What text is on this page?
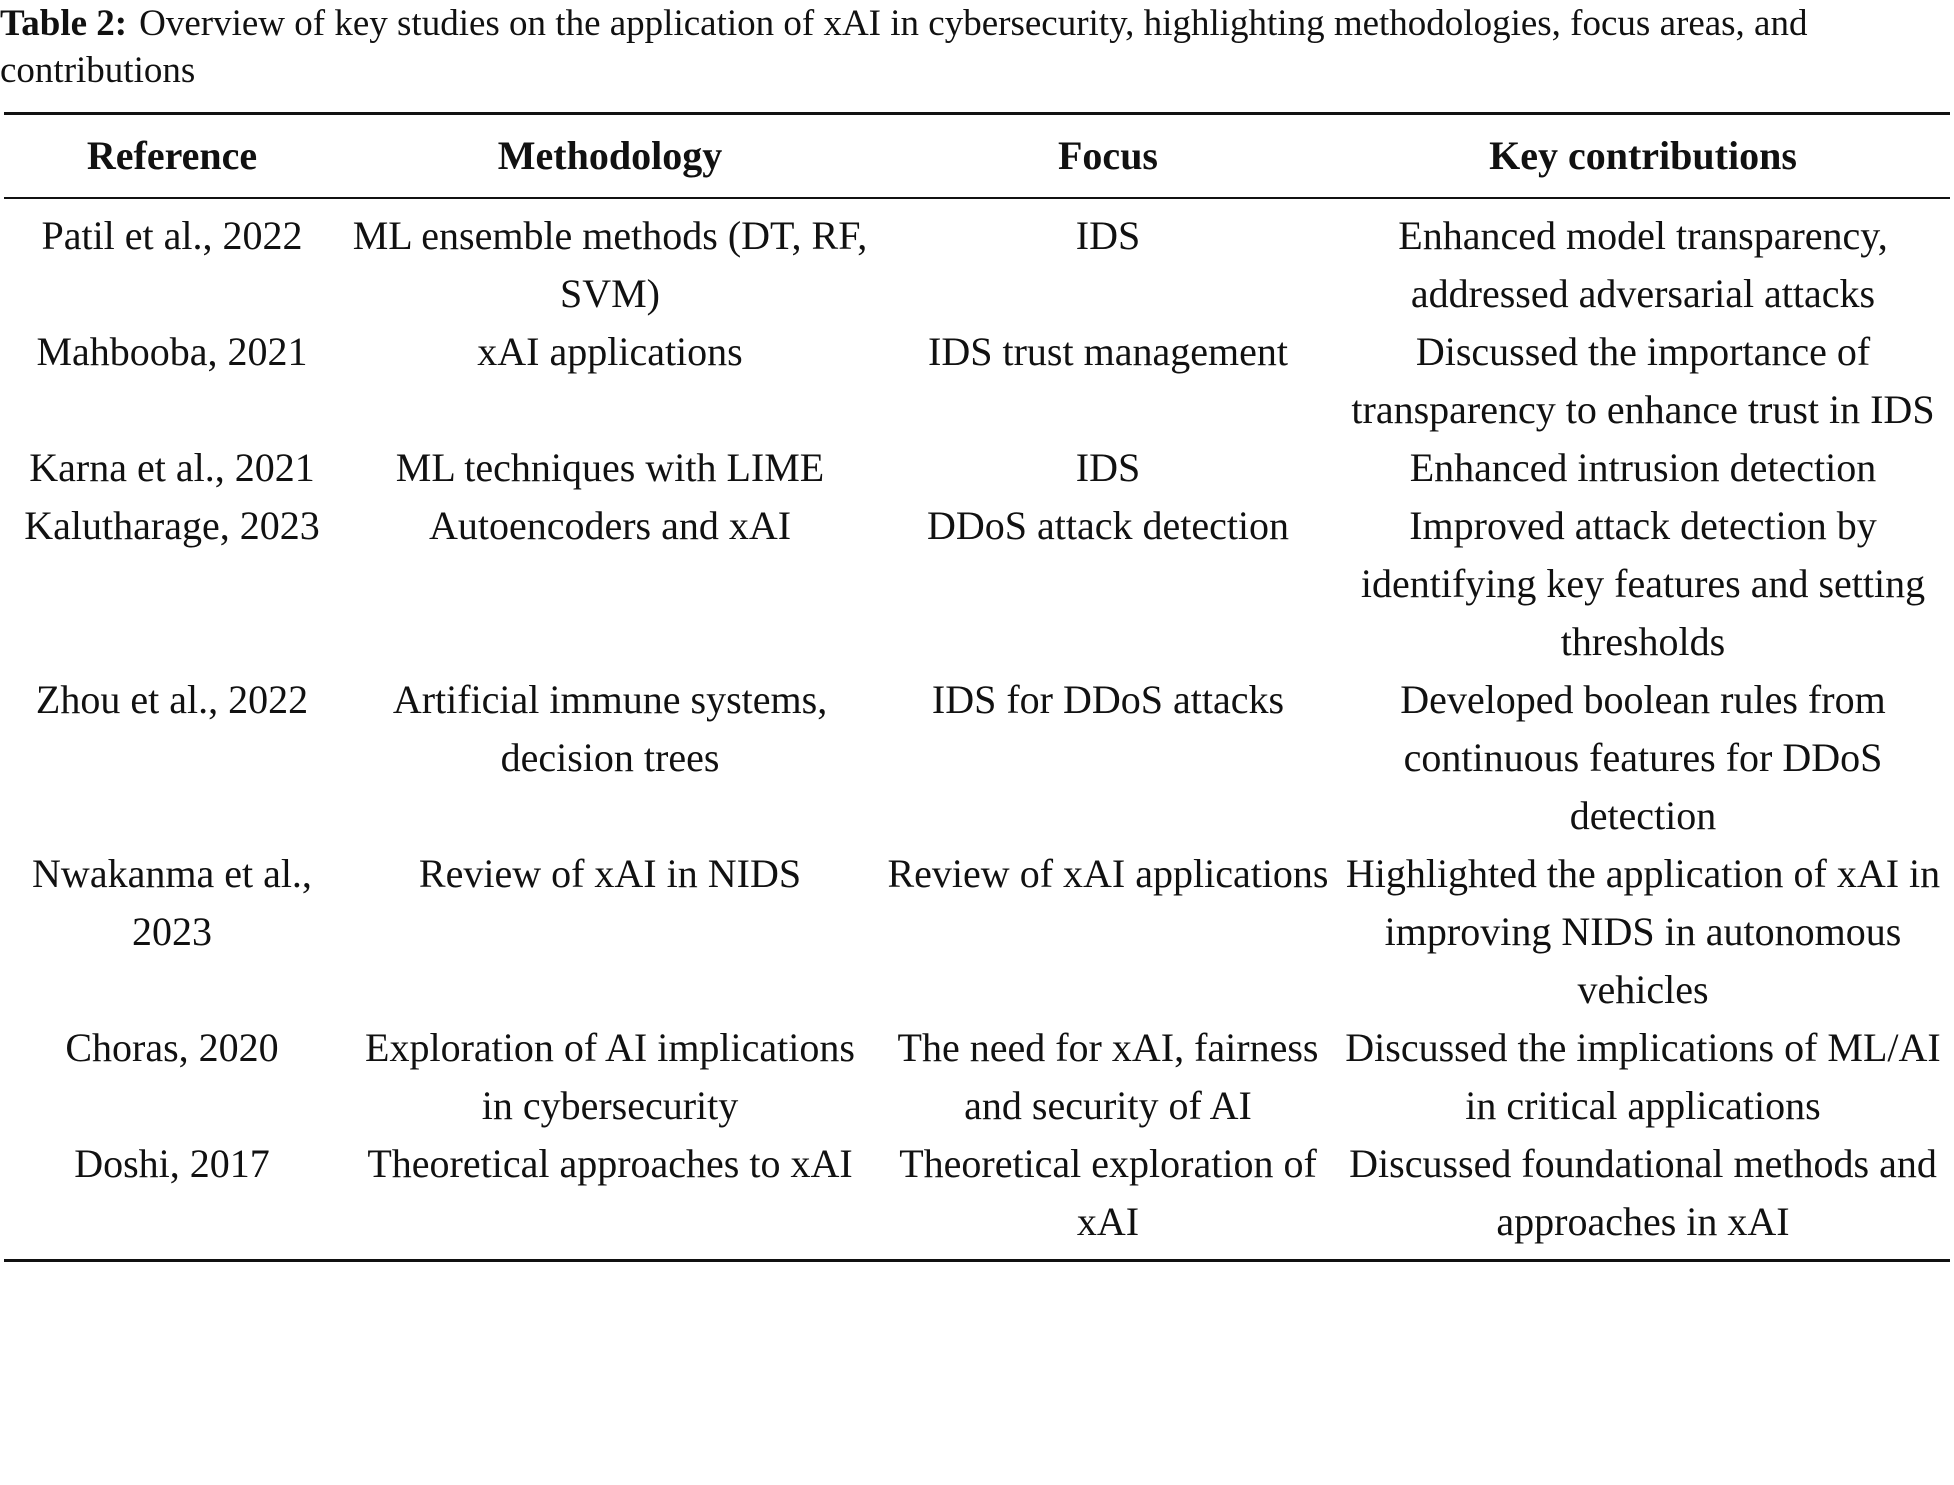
Table 2: Overview of key studies on the application of xAI in cybersecurity, highlighting methodologies, focus areas, and contributions

Reference	Methodology	Focus	Key contributions
Patil et al., 2022	ML ensemble methods (DT, RF, SVM)	IDS	Enhanced model transparency, addressed adversarial attacks
Mahbooba, 2021	xAI applications	IDS trust management	Discussed the importance of transparency to enhance trust in IDS
Karna et al., 2021	ML techniques with LIME	IDS	Enhanced intrusion detection
Kalutharage, 2023	Autoencoders and xAI	DDoS attack detection	Improved attack detection by identifying key features and setting thresholds
Zhou et al., 2022	Artificial immune systems, decision trees	IDS for DDoS attacks	Developed boolean rules from continuous features for DDoS detection
Nwakanma et al., 2023	Review of xAI in NIDS	Review of xAI applications	Highlighted the application of xAI in improving NIDS in autonomous vehicles
Choras, 2020	Exploration of AI implications in cybersecurity	The need for xAI, fairness and security of AI	Discussed the implications of ML/AI in critical applications
Doshi, 2017	Theoretical approaches to xAI	Theoretical exploration of xAI	Discussed foundational methods and approaches in xAI
